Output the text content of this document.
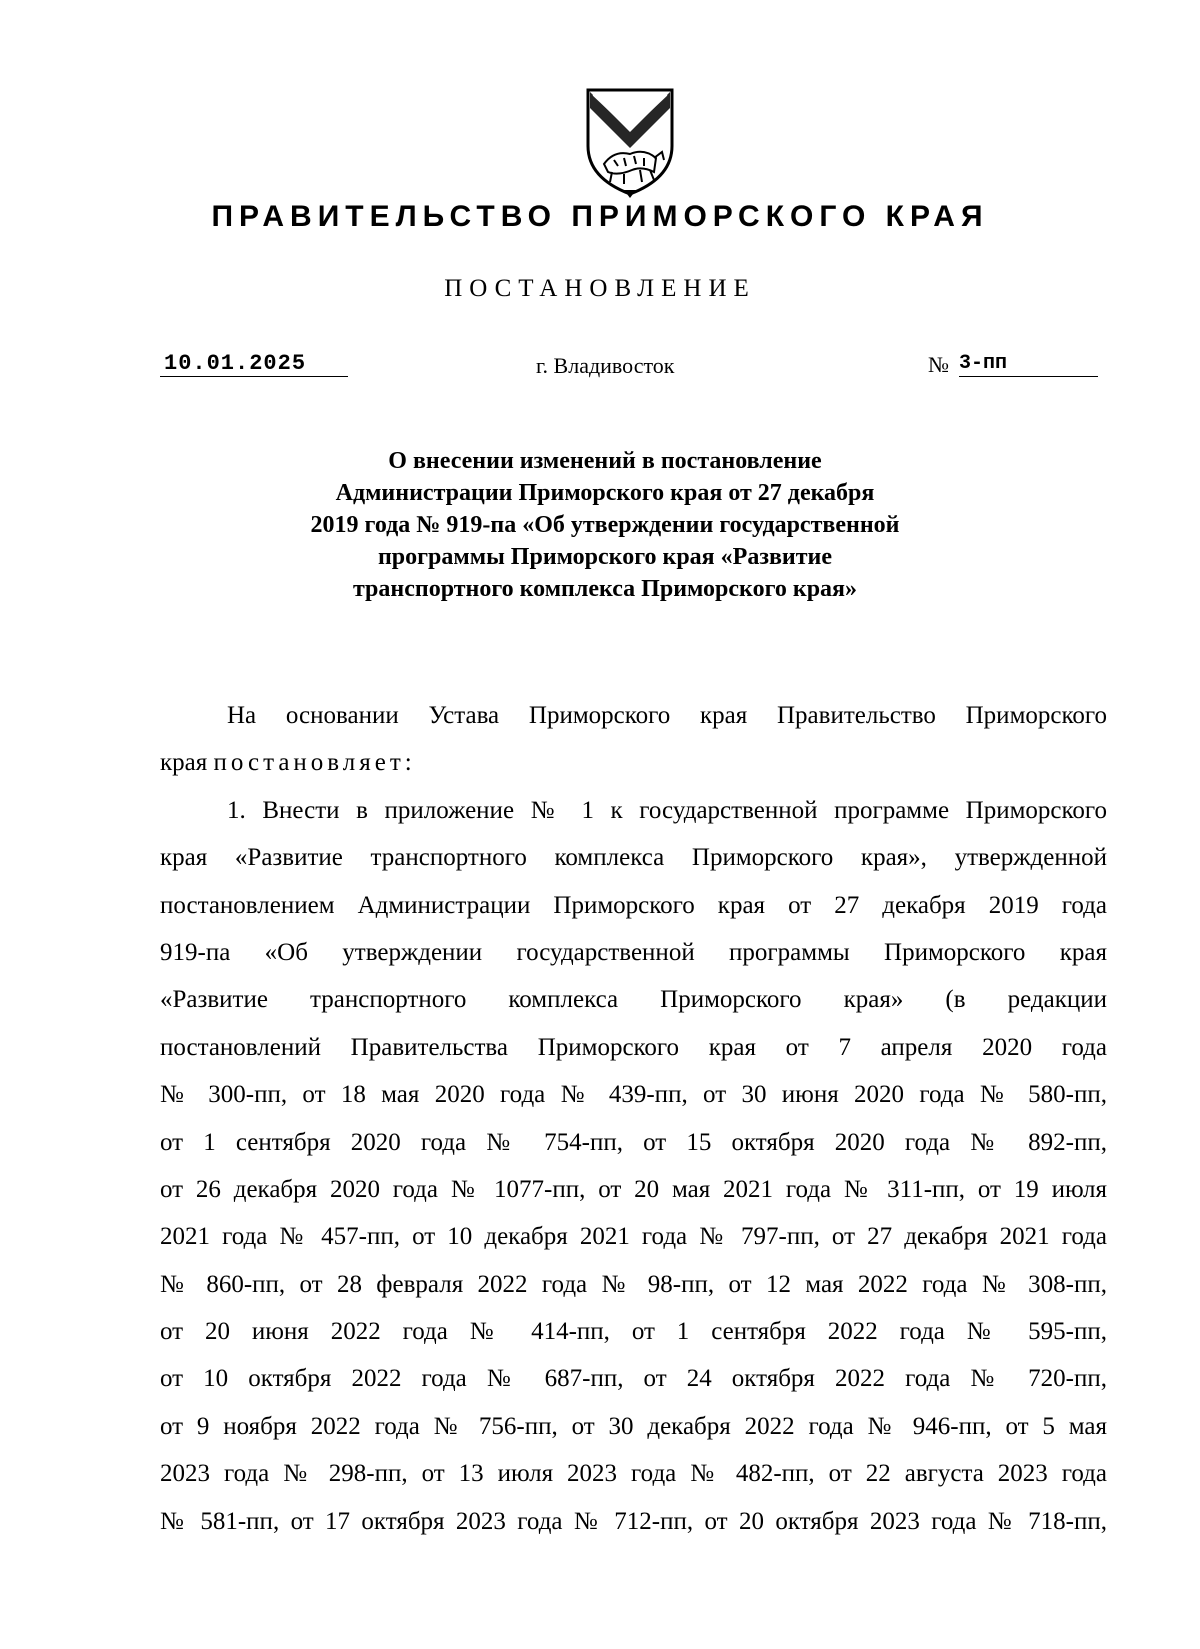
ПРАВИТЕЛЬСТВО ПРИМОРСКОГО КРАЯ
ПОСТАНОВЛЕНИЕ
10.01.2025	г. Владивосток	№ 3-пп
О внесении изменений в постановление
Администрации Приморского края от 27 декабря
2019 года № 919-па «Об утверждении государственной
программы Приморского края «Развитие
транспортного комплекса Приморского края»
На основании Устава Приморского края Правительство Приморского
края постановляет:
1. Внести в приложение № 1 к государственной программе Приморского
края «Развитие транспортного комплекса Приморского края», утвержденной
постановлением Администрации Приморского края от 27 декабря 2019 года
919-па «Об утверждении государственной программы Приморского края
«Развитие транспортного комплекса Приморского края» (в редакции
постановлений Правительства Приморского края от 7 апреля 2020 года
№ 300-пп, от 18 мая 2020 года № 439-пп, от 30 июня 2020 года № 580-пп,
от 1 сентября 2020 года № 754-пп, от 15 октября 2020 года № 892-пп,
от 26 декабря 2020 года № 1077-пп, от 20 мая 2021 года № 311-пп, от 19 июля
2021 года № 457-пп, от 10 декабря 2021 года № 797-пп, от 27 декабря 2021 года
№ 860-пп, от 28 февраля 2022 года № 98-пп, от 12 мая 2022 года № 308-пп,
от 20 июня 2022 года № 414-пп, от 1 сентября 2022 года № 595-пп,
от 10 октября 2022 года № 687-пп, от 24 октября 2022 года № 720-пп,
от 9 ноября 2022 года № 756-пп, от 30 декабря 2022 года № 946-пп, от 5 мая
2023 года № 298-пп, от 13 июля 2023 года № 482-пп, от 22 августа 2023 года
№ 581-пп, от 17 октября 2023 года № 712-пп, от 20 октября 2023 года № 718-пп,
